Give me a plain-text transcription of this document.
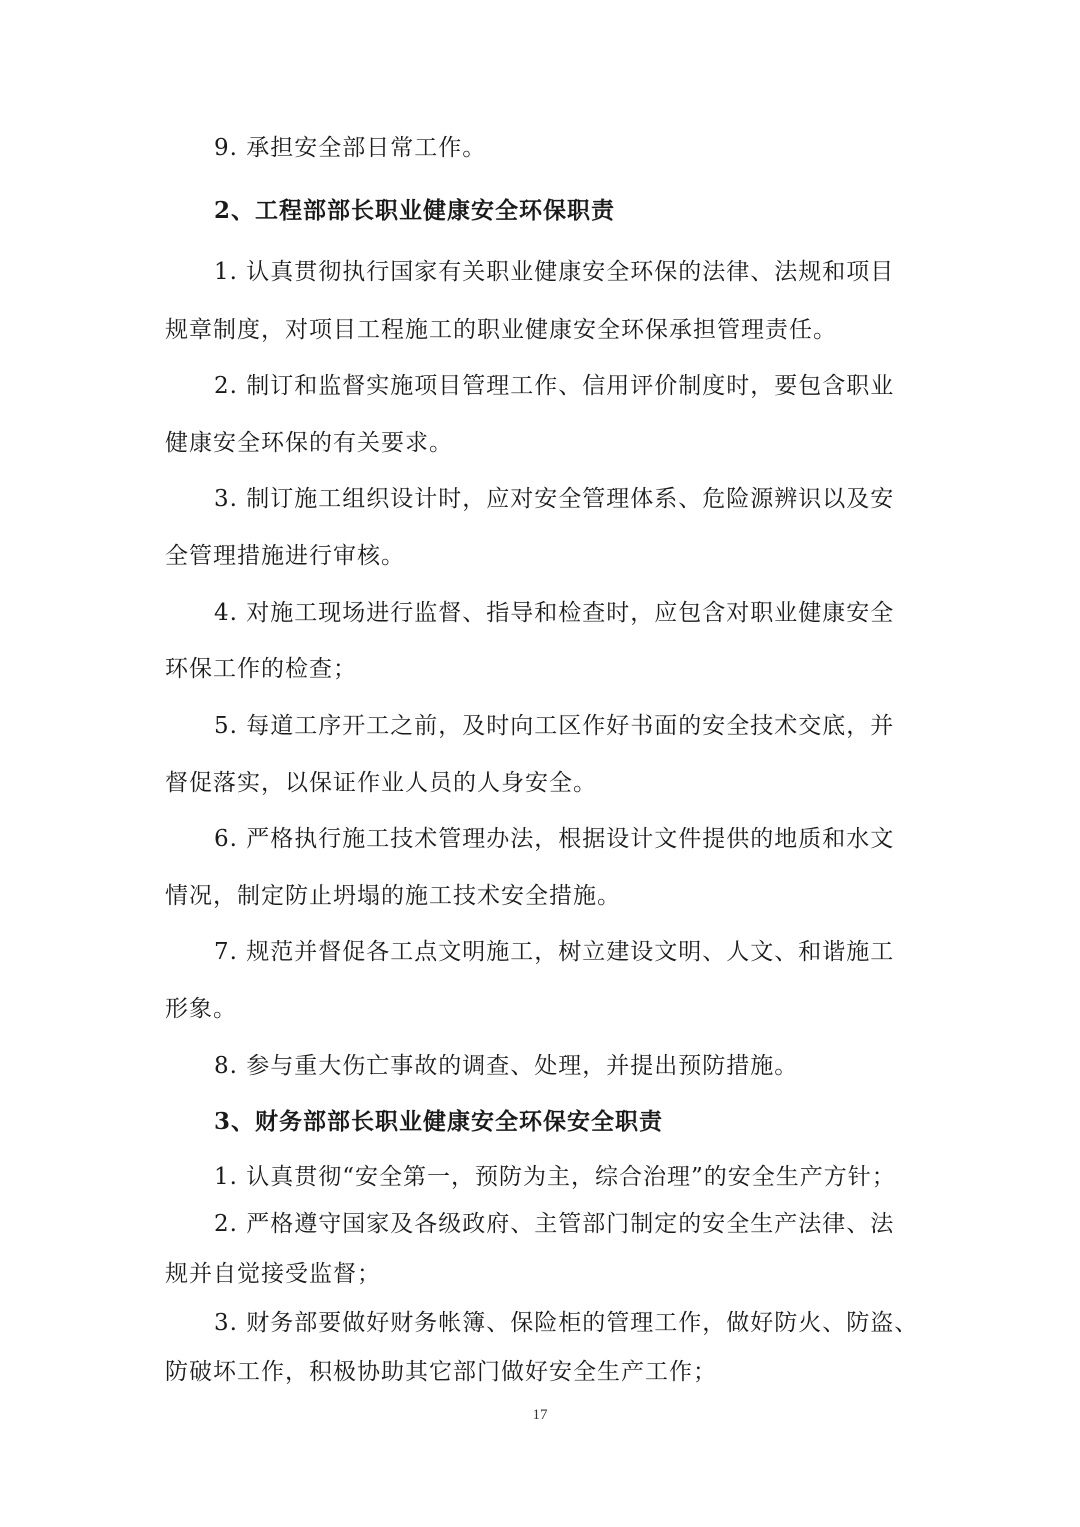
9. 承担安全部日常工作。
2、工程部部长职业健康安全环保职责
1. 认真贯彻执行国家有关职业健康安全环保的法律、法规和项目
规章制度，对项目工程施工的职业健康安全环保承担管理责任。
2. 制订和监督实施项目管理工作、信用评价制度时，要包含职业
健康安全环保的有关要求。
3. 制订施工组织设计时，应对安全管理体系、危险源辨识以及安
全管理措施进行审核。
4. 对施工现场进行监督、指导和检查时，应包含对职业健康安全
环保工作的检查；
5. 每道工序开工之前，及时向工区作好书面的安全技术交底，并
督促落实，以保证作业人员的人身安全。
6. 严格执行施工技术管理办法，根据设计文件提供的地质和水文
情况，制定防止坍塌的施工技术安全措施。
7. 规范并督促各工点文明施工，树立建设文明、人文、和谐施工
形象。
8. 参与重大伤亡事故的调查、处理，并提出预防措施。
3、财务部部长职业健康安全环保安全职责
1. 认真贯彻“安全第一，预防为主，综合治理”的安全生产方针；
2. 严格遵守国家及各级政府、主管部门制定的安全生产法律、法
规并自觉接受监督；
3. 财务部要做好财务帐簿、保险柜的管理工作，做好防火、防盗、
防破坏工作，积极协助其它部门做好安全生产工作；
17
